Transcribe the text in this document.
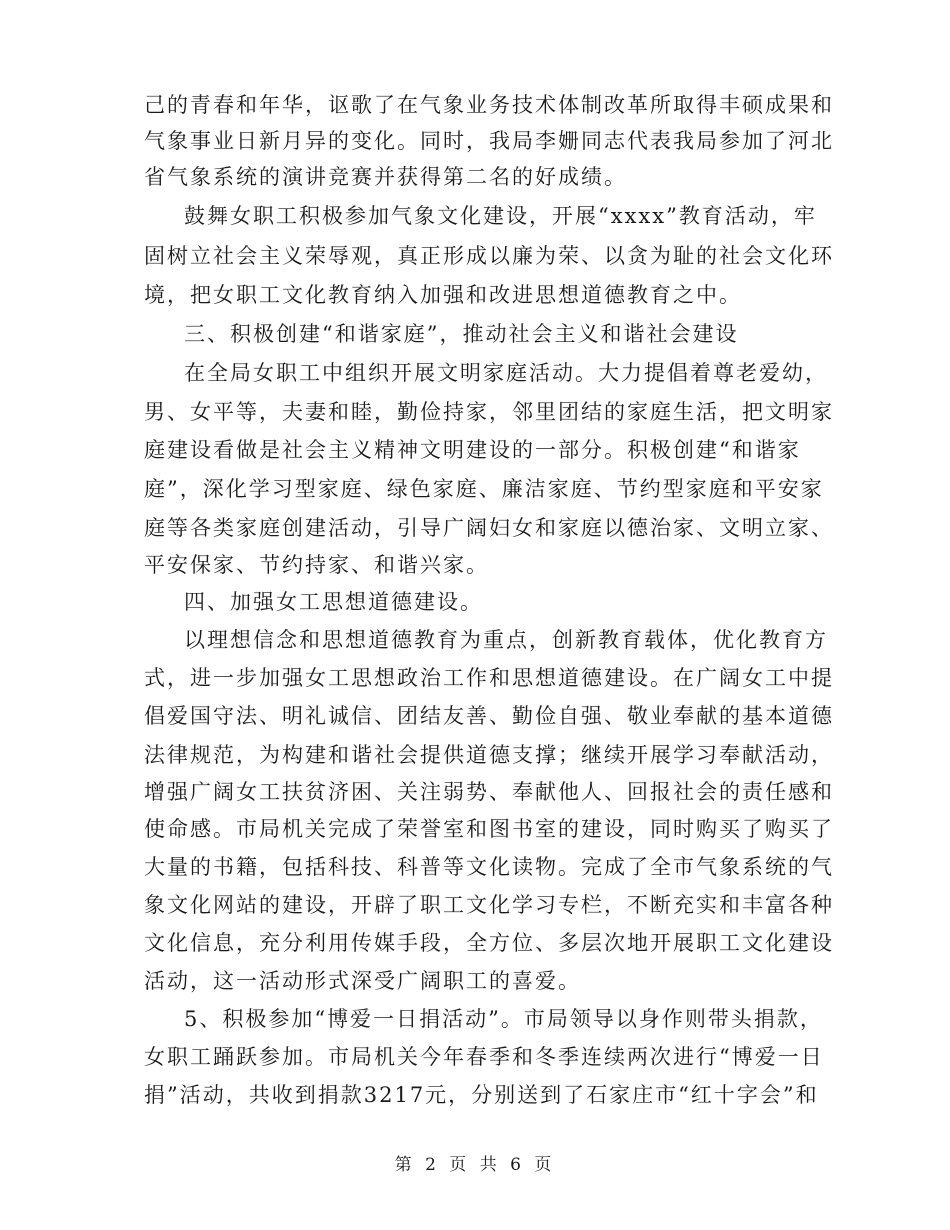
己的青春和年华，讴歌了在气象业务技术体制改革所取得丰硕成果和
气象事业日新月异的变化。同时，我局李姗同志代表我局参加了河北
省气象系统的演讲竞赛并获得第二名的好成绩。
鼓舞女职工积极参加气象文化建设，开展“xxxx”教育活动，牢
固树立社会主义荣辱观，真正形成以廉为荣、以贪为耻的社会文化环
境，把女职工文化教育纳入加强和改进思想道德教育之中。
三、积极创建“和谐家庭”，推动社会主义和谐社会建设
在全局女职工中组织开展文明家庭活动。大力提倡着尊老爱幼，
男、女平等，夫妻和睦，勤俭持家，邻里团结的家庭生活，把文明家
庭建设看做是社会主义精神文明建设的一部分。积极创建“和谐家
庭”，深化学习型家庭、绿色家庭、廉洁家庭、节约型家庭和平安家
庭等各类家庭创建活动，引导广阔妇女和家庭以德治家、文明立家、
平安保家、节约持家、和谐兴家。
四、加强女工思想道德建设。
以理想信念和思想道德教育为重点，创新教育载体，优化教育方
式，进一步加强女工思想政治工作和思想道德建设。在广阔女工中提
倡爱国守法、明礼诚信、团结友善、勤俭自强、敬业奉献的基本道德
法律规范，为构建和谐社会提供道德支撑；继续开展学习奉献活动，
增强广阔女工扶贫济困、关注弱势、奉献他人、回报社会的责任感和
使命感。市局机关完成了荣誉室和图书室的建设，同时购买了购买了
大量的书籍，包括科技、科普等文化读物。完成了全市气象系统的气
象文化网站的建设，开辟了职工文化学习专栏，不断充实和丰富各种
文化信息，充分利用传媒手段，全方位、多层次地开展职工文化建设
活动，这一活动形式深受广阔职工的喜爱。
5、积极参加“博爱一日捐活动”。市局领导以身作则带头捐款，
女职工踊跃参加。市局机关今年春季和冬季连续两次进行“博爱一日
捐”活动，共收到捐款3217元，分别送到了石家庄市“红十字会”和
第 2 页 共 6 页
